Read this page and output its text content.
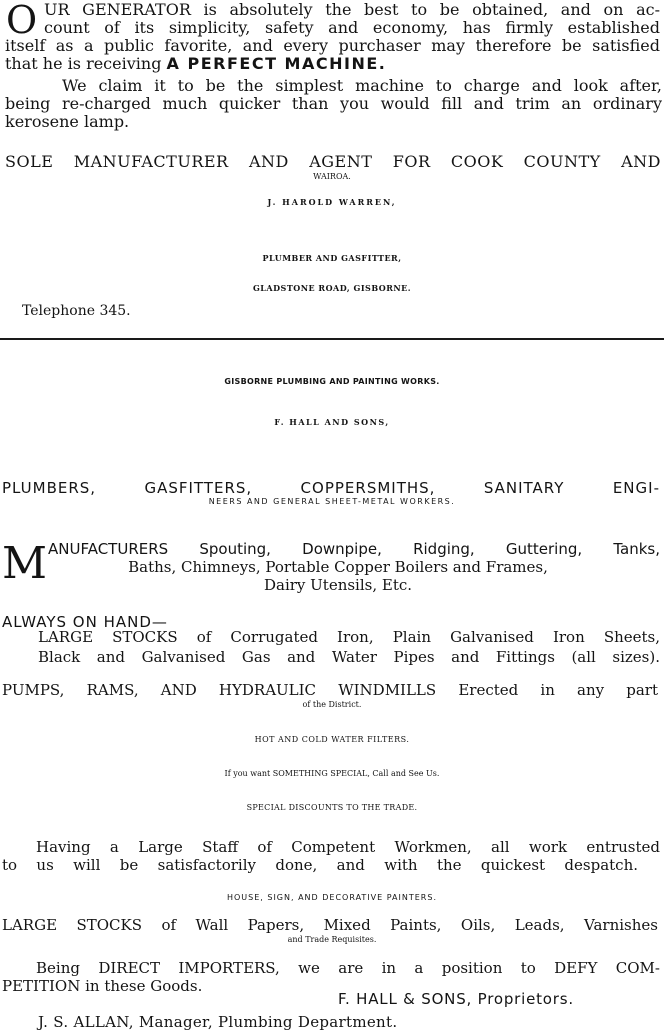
O UR GENERATOR is absolutely the best to be obtained, and on ac-
count of its simplicity, safety and economy, has firmly established
itself as a public favorite, and every purchaser may therefore be satisfied
that he is receiving A PERFECT MACHINE.
We claim it to be the simplest machine to charge and look after,
being re-charged much quicker than you would fill and trim an ordinary
kerosene lamp.
SOLE MANUFACTURER AND AGENT FOR COOK COUNTY AND
WAIROA.
J. HAROLD WARREN,
PLUMBER AND GASFITTER,
GLADSTONE ROAD, GISBORNE.
Telephone 345.
GISBORNE PLUMBING AND PAINTING WORKS.
F. HALL AND SONS,
PLUMBERS, GASFITTERS, COPPERSMITHS, SANITARY ENGI-
NEERS AND GENERAL SHEET-METAL WORKERS.
M ANUFACTURERS Spouting, Downpipe, Ridging, Guttering, Tanks,
Baths, Chimneys, Portable Copper Boilers and Frames,
Dairy Utensils, Etc.
ALWAYS ON HAND—
LARGE STOCKS of Corrugated Iron, Plain Galvanised Iron Sheets,
Black and Galvanised Gas and Water Pipes and Fittings (all sizes).
PUMPS, RAMS, AND HYDRAULIC WINDMILLS Erected in any part
of the District.
HOT AND COLD WATER FILTERS.
If you want SOMETHING SPECIAL, Call and See Us.
SPECIAL DISCOUNTS TO THE TRADE.
Having a Large Staff of Competent Workmen, all work entrusted
to us will be satisfactorily done, and with the quickest despatch.
HOUSE, SIGN, AND DECORATIVE PAINTERS.
LARGE STOCKS of Wall Papers, Mixed Paints, Oils, Leads, Varnishes
and Trade Requisites.
Being DIRECT IMPORTERS, we are in a position to DEFY COM-
PETITION in these Goods.
F. HALL & SONS, Proprietors.
J. S. ALLAN, Manager, Plumbing Department.
